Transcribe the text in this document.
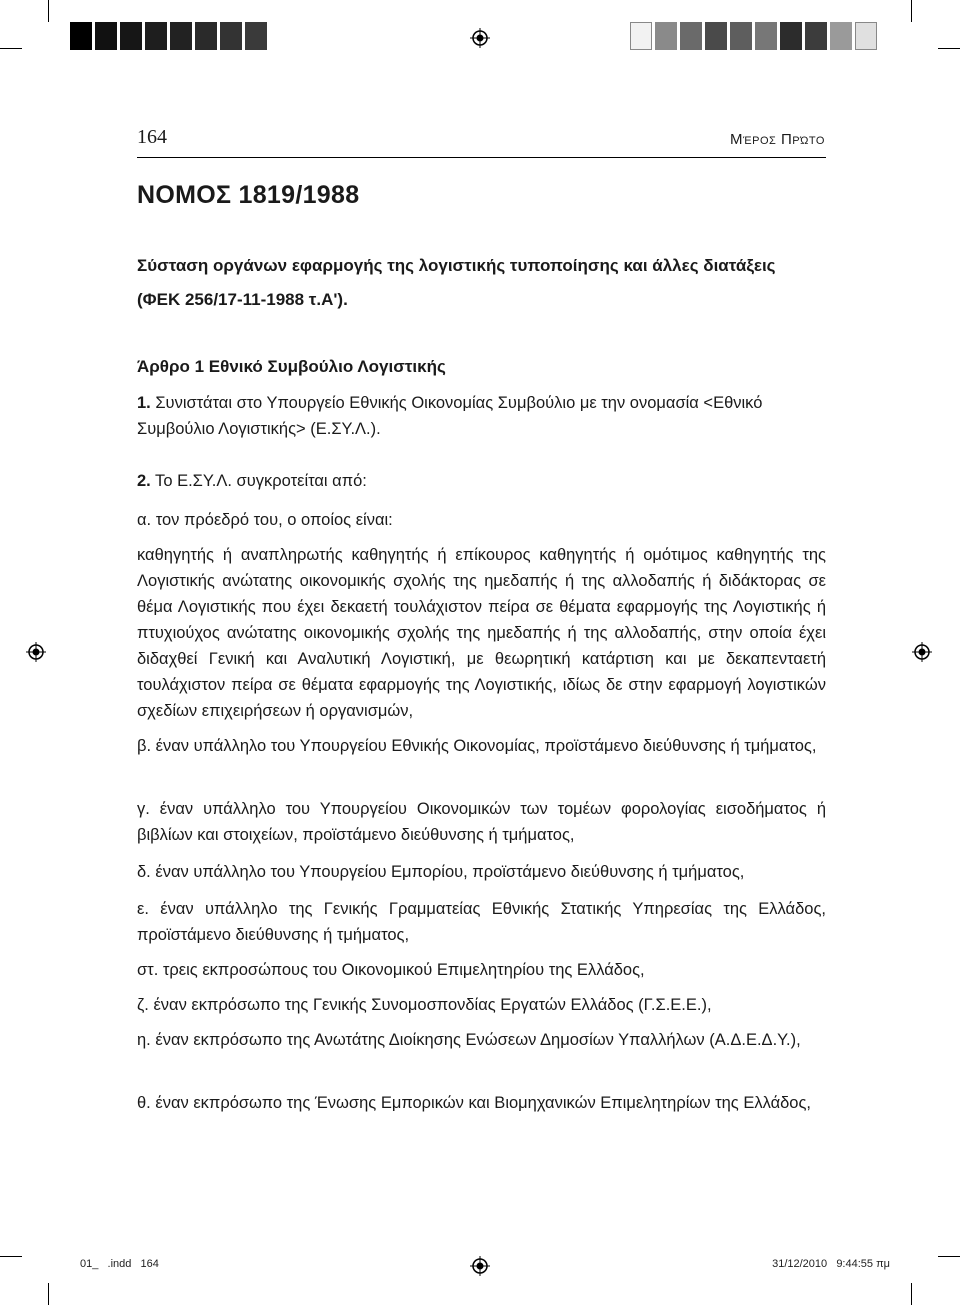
164	Μέρος Πρώτο
ΝΟΜΟΣ 1819/1988
Σύσταση οργάνων εφαρμογής της λογιστικής τυποποίησης και άλλες διατάξεις
(ΦΕΚ 256/17-11-1988 τ.Α').
Άρθρο 1 Εθνικό Συμβούλιο Λογιστικής
1. Συνιστάται στο Υπουργείο Εθνικής Οικονομίας Συμβούλιο με την ονομασία <Εθνικό Συμβούλιο Λογιστικής> (Ε.ΣΥ.Λ.).
2. Το Ε.ΣΥ.Λ. συγκροτείται από:
α. τον πρόεδρό του, ο οποίος είναι:
καθηγητής ή αναπληρωτής καθηγητής ή επίκουρος καθηγητής ή ομότιμος καθηγητής της Λογιστικής ανώτατης οικονομικής σχολής της ημεδαπής ή της αλλοδαπής ή διδάκτορας σε θέμα Λογιστικής που έχει δεκαετή τουλάχιστον πείρα σε θέματα εφαρμογής της Λογιστικής ή πτυχιούχος ανώτατης οικονομικής σχολής της ημεδαπής ή της αλλοδαπής, στην οποία έχει διδαχθεί Γενική και Αναλυτική Λογιστική, με θεωρητική κατάρτιση και με δεκαπενταετή τουλάχιστον πείρα σε θέματα εφαρμογής της Λογιστικής, ιδίως δε στην εφαρμογή λογιστικών σχεδίων επιχειρήσεων ή οργανισμών,
β. έναν υπάλληλο του Υπουργείου Εθνικής Οικονομίας, προϊστάμενο διεύθυνσης ή τμήματος,
γ. έναν υπάλληλο του Υπουργείου Οικονομικών των τομέων φορολογίας εισοδήματος ή βιβλίων και στοιχείων, προϊστάμενο διεύθυνσης ή τμήματος,
δ. έναν υπάλληλο του Υπουργείου Εμπορίου, προϊστάμενο διεύθυνσης ή τμήματος,
ε. έναν υπάλληλο της Γενικής Γραμματείας Εθνικής Στατικής Υπηρεσίας της Ελλάδος, προϊστάμενο διεύθυνσης ή τμήματος,
στ. τρεις εκπροσώπους του Οικονομικού Επιμελητηρίου της Ελλάδος,
ζ. έναν εκπρόσωπο της Γενικής Συνομοσπονδίας Εργατών Ελλάδος (Γ.Σ.Ε.Ε.),
η. έναν εκπρόσωπο της Ανωτάτης Διοίκησης Ενώσεων Δημοσίων Υπαλλήλων (Α.Δ.Ε.Δ.Υ.),
θ. έναν εκπρόσωπο της Ένωσης Εμπορικών και Βιομηχανικών Επιμελητηρίων της Ελλάδος,
01_   .indd   164	31/12/2010   9:44:55 πμ
